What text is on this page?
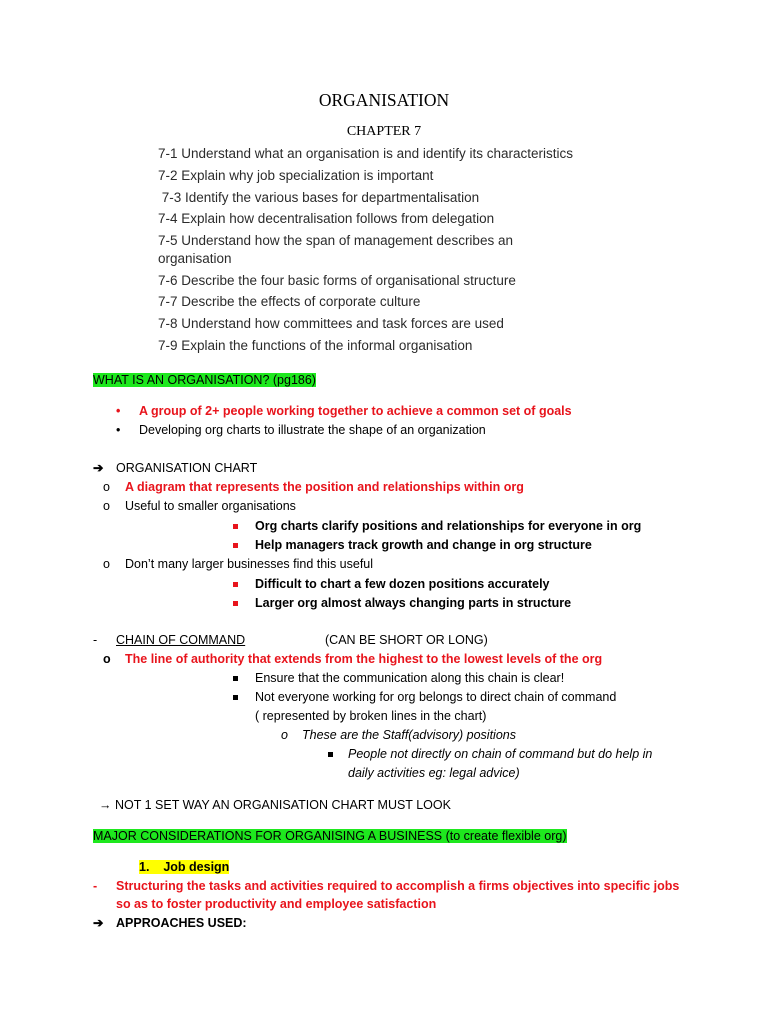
ORGANISATION
CHAPTER 7
7-1 Understand what an organisation is and identify its characteristics
7-2 Explain why job specialization is important
7-3 Identify the various bases for departmentalisation
7-4 Explain how decentralisation follows from delegation
7-5 Understand how the span of management describes an
organisation
7-6 Describe the four basic forms of organisational structure
7-7 Describe the effects of corporate culture
7-8 Understand how committees and task forces are used
7-9 Explain the functions of the informal organisation
WHAT IS AN ORGANISATION? (pg186)
• A group of 2+ people working together to achieve a common set of goals
• Developing org charts to illustrate the shape of an organization
➔ ORGANISATION CHART
o A diagram that represents the position and relationships within org
o Useful to smaller organisations
Org charts clarify positions and relationships for everyone in org
Help managers track growth and change in org structure
o Don’t many larger businesses find this useful
Difficult to chart a few dozen positions accurately
Larger org almost always changing parts in structure
- CHAIN OF COMMAND	(CAN BE SHORT OR LONG)
o The line of authority that extends from the highest to the lowest levels of the org
Ensure that the communication along this chain is clear!
Not everyone working for org belongs to direct chain of command
( represented by broken lines in the chart)
o These are the Staff(advisory) positions
People not directly on chain of command but do help in
daily activities eg: legal advice)
→ NOT 1 SET WAY AN ORGANISATION CHART MUST LOOK
MAJOR CONSIDERATIONS FOR ORGANISING A BUSINESS (to create flexible org)
1. Job design
- Structuring the tasks and activities required to accomplish a firms objectives into specific jobs
so as to foster productivity and employee satisfaction
➔ APPROACHES USED:
